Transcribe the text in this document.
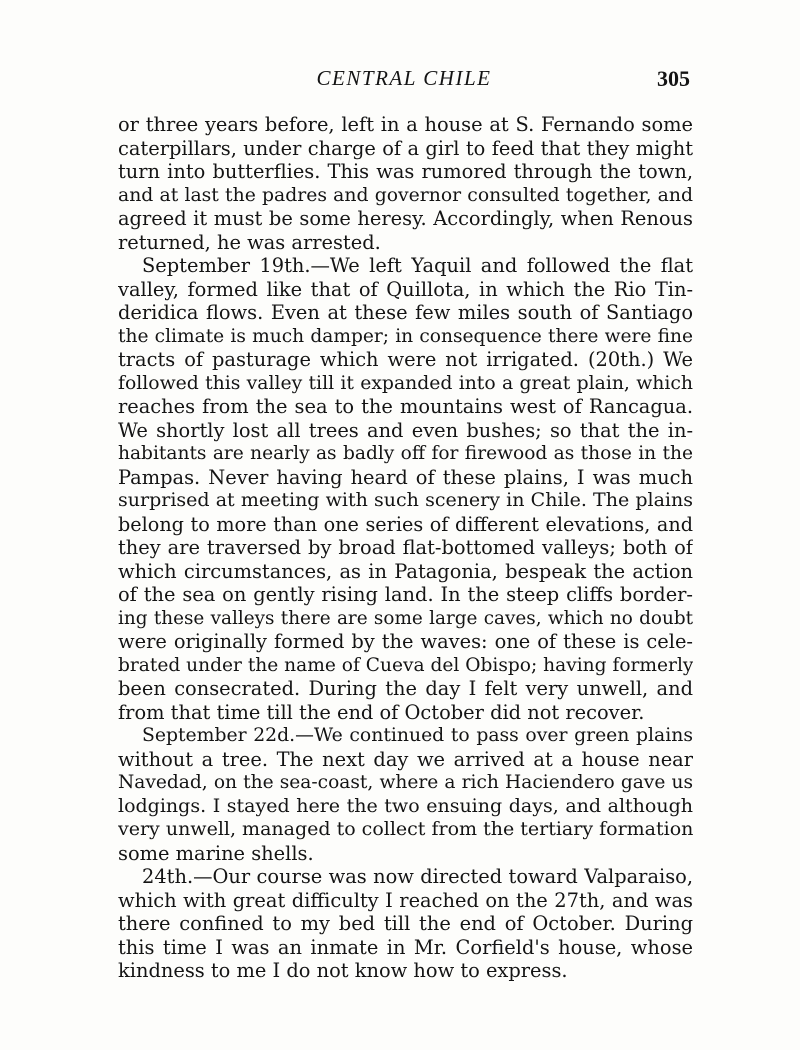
CENTRAL CHILE	305
or three years before, left in a house at S. Fernando some
caterpillars, under charge of a girl to feed that they might
turn into butterflies. This was rumored through the town,
and at last the padres and governor consulted together, and
agreed it must be some heresy. Accordingly, when Renous
returned, he was arrested.
September 19th.—We left Yaquil and followed the flat
valley, formed like that of Quillota, in which the Rio Tin-
deridica flows. Even at these few miles south of Santiago
the climate is much damper; in consequence there were fine
tracts of pasturage which were not irrigated. (20th.) We
followed this valley till it expanded into a great plain, which
reaches from the sea to the mountains west of Rancagua.
We shortly lost all trees and even bushes; so that the in-
habitants are nearly as badly off for firewood as those in the
Pampas. Never having heard of these plains, I was much
surprised at meeting with such scenery in Chile. The plains
belong to more than one series of different elevations, and
they are traversed by broad flat-bottomed valleys; both of
which circumstances, as in Patagonia, bespeak the action
of the sea on gently rising land. In the steep cliffs border-
ing these valleys there are some large caves, which no doubt
were originally formed by the waves: one of these is cele-
brated under the name of Cueva del Obispo; having formerly
been consecrated. During the day I felt very unwell, and
from that time till the end of October did not recover.
September 22d.—We continued to pass over green plains
without a tree. The next day we arrived at a house near
Navedad, on the sea-coast, where a rich Haciendero gave us
lodgings. I stayed here the two ensuing days, and although
very unwell, managed to collect from the tertiary formation
some marine shells.
24th.—Our course was now directed toward Valparaiso,
which with great difficulty I reached on the 27th, and was
there confined to my bed till the end of October. During
this time I was an inmate in Mr. Corfield's house, whose
kindness to me I do not know how to express.
